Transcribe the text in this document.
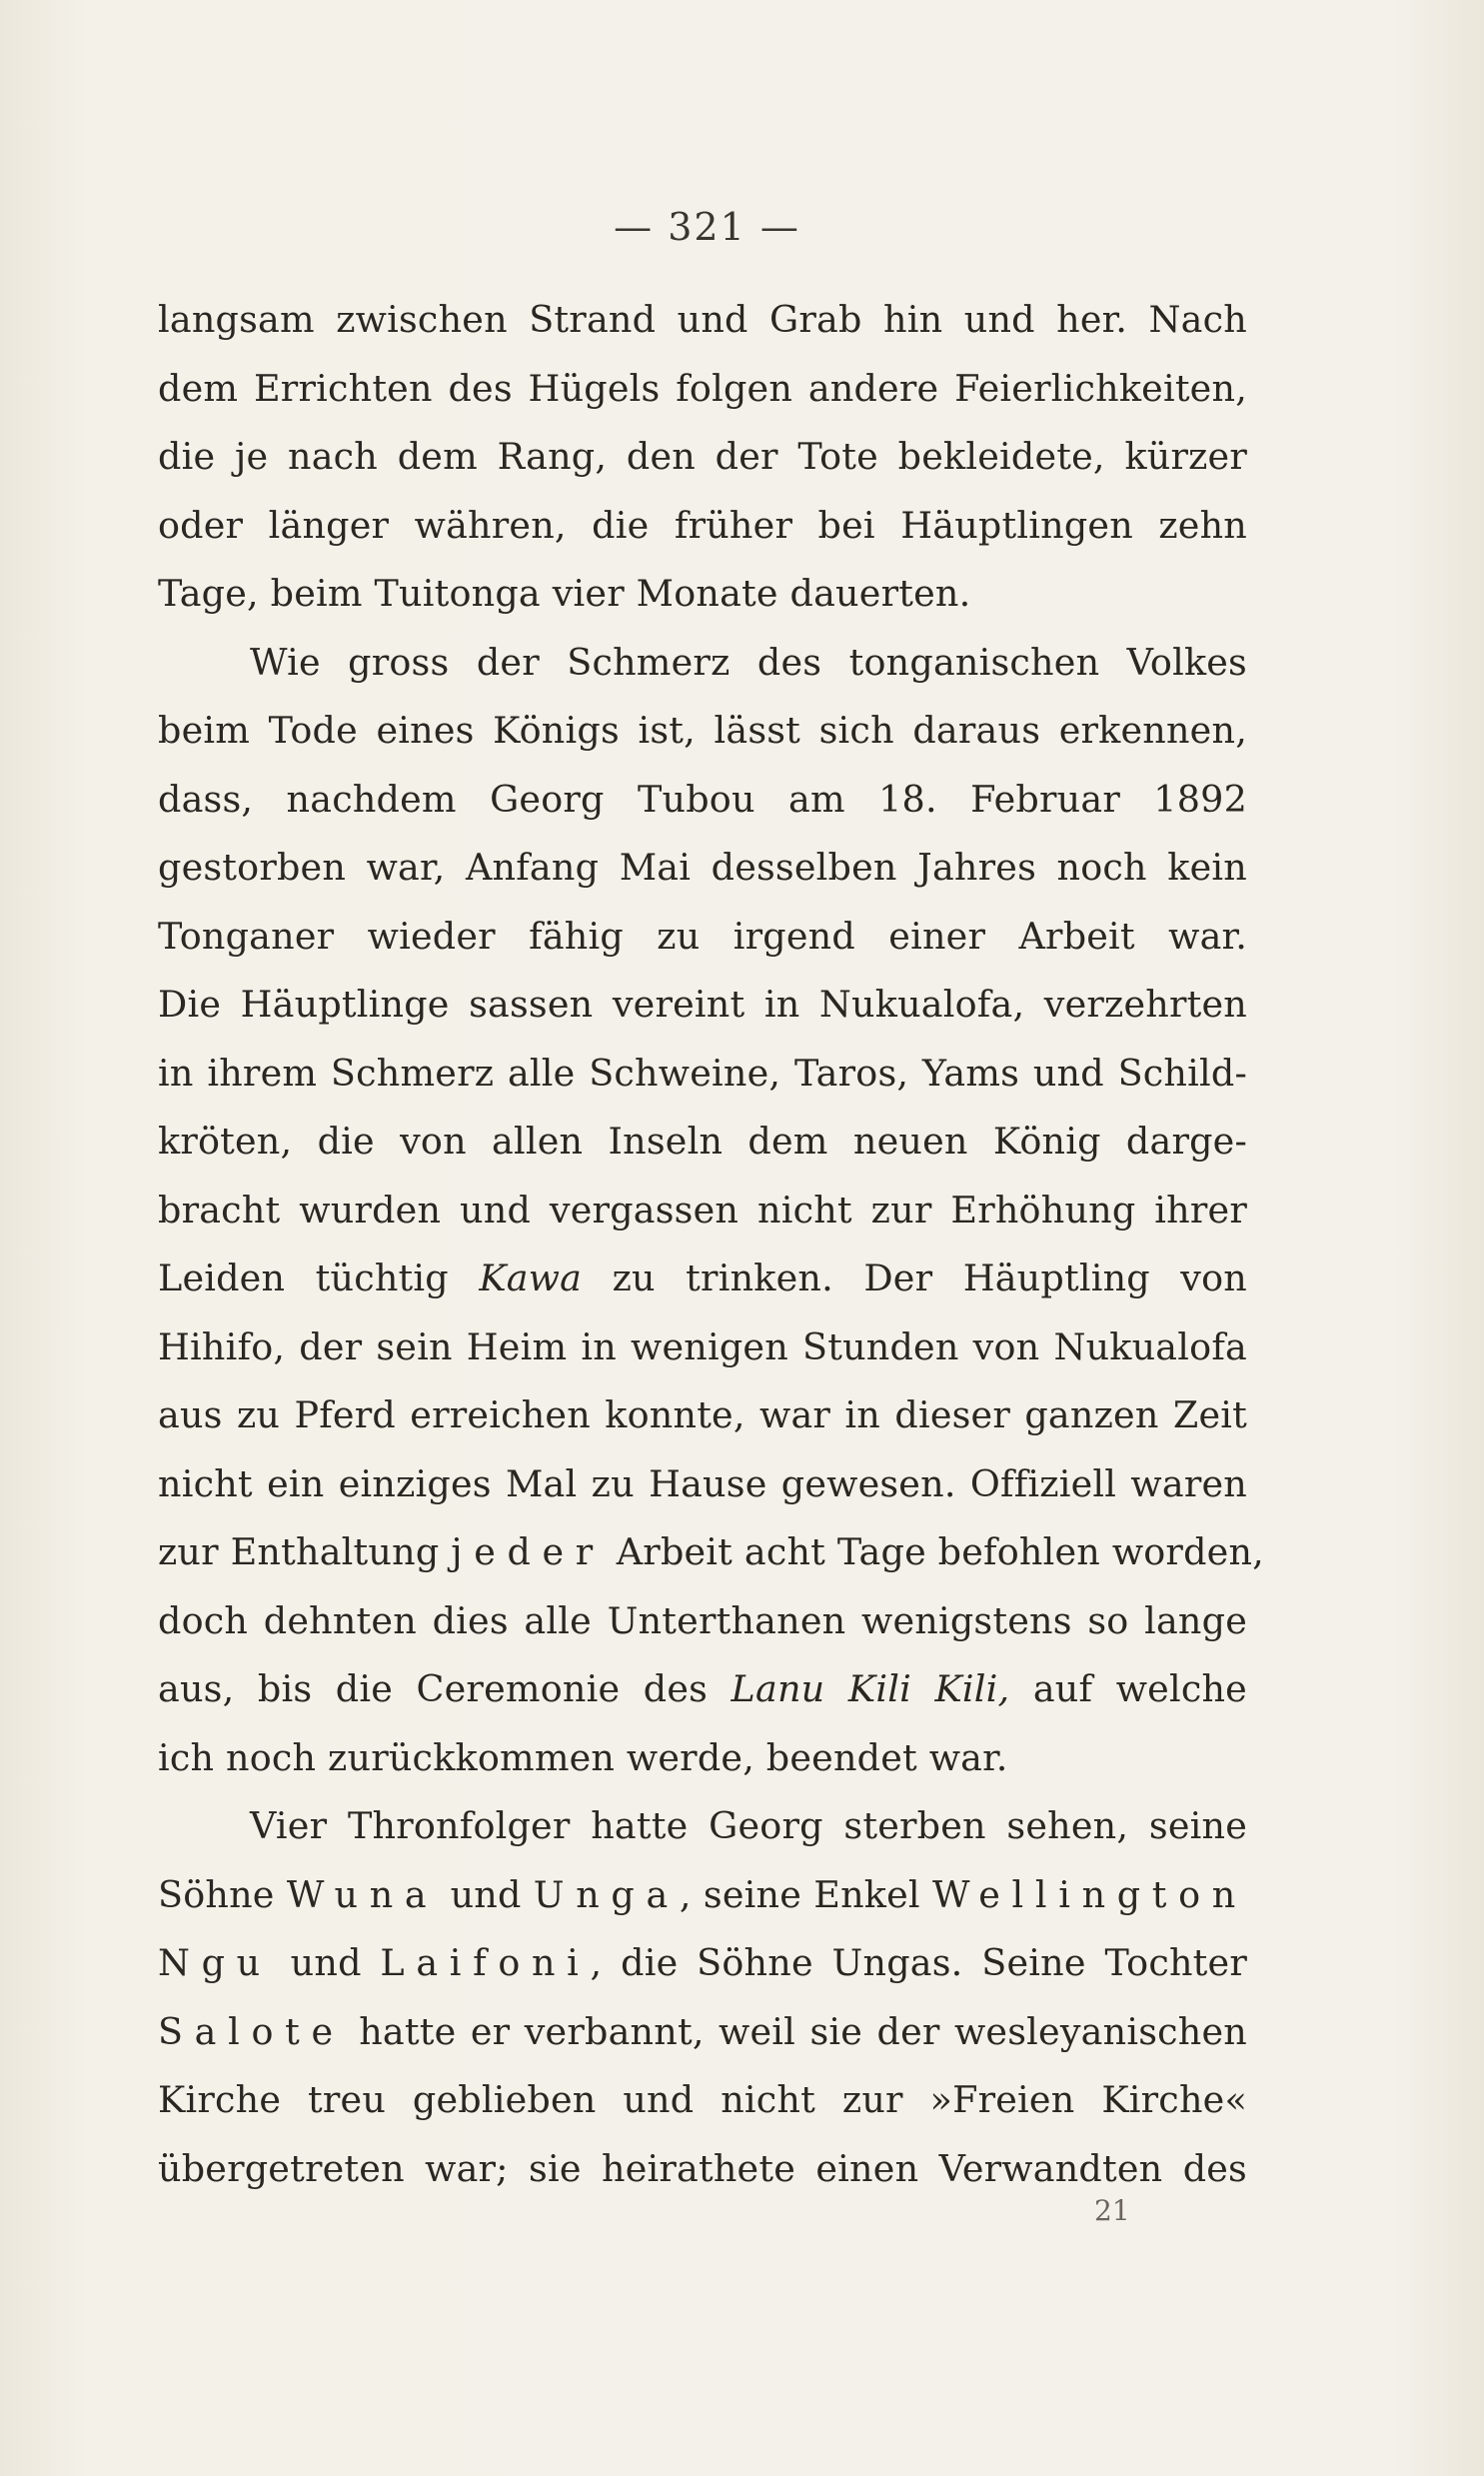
— 321 —
langsam zwischen Strand und Grab hin und her. Nach
dem Errichten des Hügels folgen andere Feierlichkeiten,
die je nach dem Rang, den der Tote bekleidete, kürzer
oder länger währen, die früher bei Häuptlingen zehn
Tage, beim Tuitonga vier Monate dauerten.
Wie gross der Schmerz des tonganischen Volkes
beim Tode eines Königs ist, lässt sich daraus erkennen,
dass, nachdem Georg Tubou am 18. Februar 1892
gestorben war, Anfang Mai desselben Jahres noch kein
Tonganer wieder fähig zu irgend einer Arbeit war.
Die Häuptlinge sassen vereint in Nukualofa, verzehrten
in ihrem Schmerz alle Schweine, Taros, Yams und Schild-
kröten, die von allen Inseln dem neuen König darge-
bracht wurden und vergassen nicht zur Erhöhung ihrer
Leiden tüchtig Kawa zu trinken. Der Häuptling von
Hihifo, der sein Heim in wenigen Stunden von Nukualofa
aus zu Pferd erreichen konnte, war in dieser ganzen Zeit
nicht ein einziges Mal zu Hause gewesen. Offiziell waren
zur Enthaltung jeder Arbeit acht Tage befohlen worden,
doch dehnten dies alle Unterthanen wenigstens so lange
aus, bis die Ceremonie des Lanu Kili Kili, auf welche
ich noch zurückkommen werde, beendet war.
Vier Thronfolger hatte Georg sterben sehen, seine
Söhne Wuna und Unga, seine Enkel Wellington
Ngu und Laifoni, die Söhne Ungas. Seine Tochter
Salote hatte er verbannt, weil sie der wesleyanischen
Kirche treu geblieben und nicht zur »Freien Kirche«
übergetreten war; sie heirathete einen Verwandten des
21
